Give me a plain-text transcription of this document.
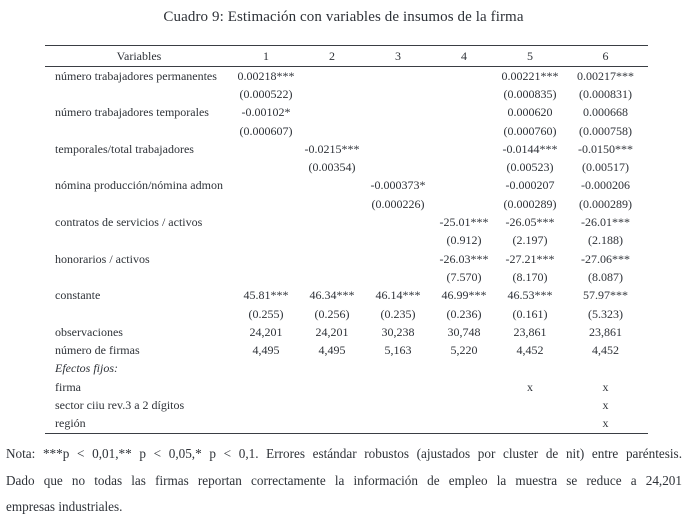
Cuadro 9: Estimación con variables de insumos de la firma
Variables	1	2	3	4	5	6
número trabajadores permanentes	0.00218***				0.00221***	0.00217***
	(0.000522)				(0.000835)	(0.000831)
número trabajadores temporales	-0.00102*				0.000620	0.000668
	(0.000607)				(0.000760)	(0.000758)
temporales/total trabajadores		-0.0215***			-0.0144***	-0.0150***
		(0.00354)			(0.00523)	(0.00517)
nómina producción/nómina admon			-0.000373*		-0.000207	-0.000206
			(0.000226)		(0.000289)	(0.000289)
contratos de servicios / activos				-25.01***	-26.05***	-26.01***
				(0.912)	(2.197)	(2.188)
honorarios / activos				-26.03***	-27.21***	-27.06***
				(7.570)	(8.170)	(8.087)
constante	45.81***	46.34***	46.14***	46.99***	46.53***	57.97***
	(0.255)	(0.256)	(0.235)	(0.236)	(0.161)	(5.323)
observaciones	24,201	24,201	30,238	30,748	23,861	23,861
número de firmas	4,495	4,495	5,163	5,220	4,452	4,452
Efectos fijos:						
firma					x	x
sector ciiu rev.3 a 2 dígitos						x
región						x
Nota: ***p < 0,01,** p < 0,05,* p < 0,1. Errores estándar robustos (ajustados por cluster de nit) entre paréntesis.
Dado que no todas las firmas reportan correctamente la información de empleo la muestra se reduce a 24,201
empresas industriales.
